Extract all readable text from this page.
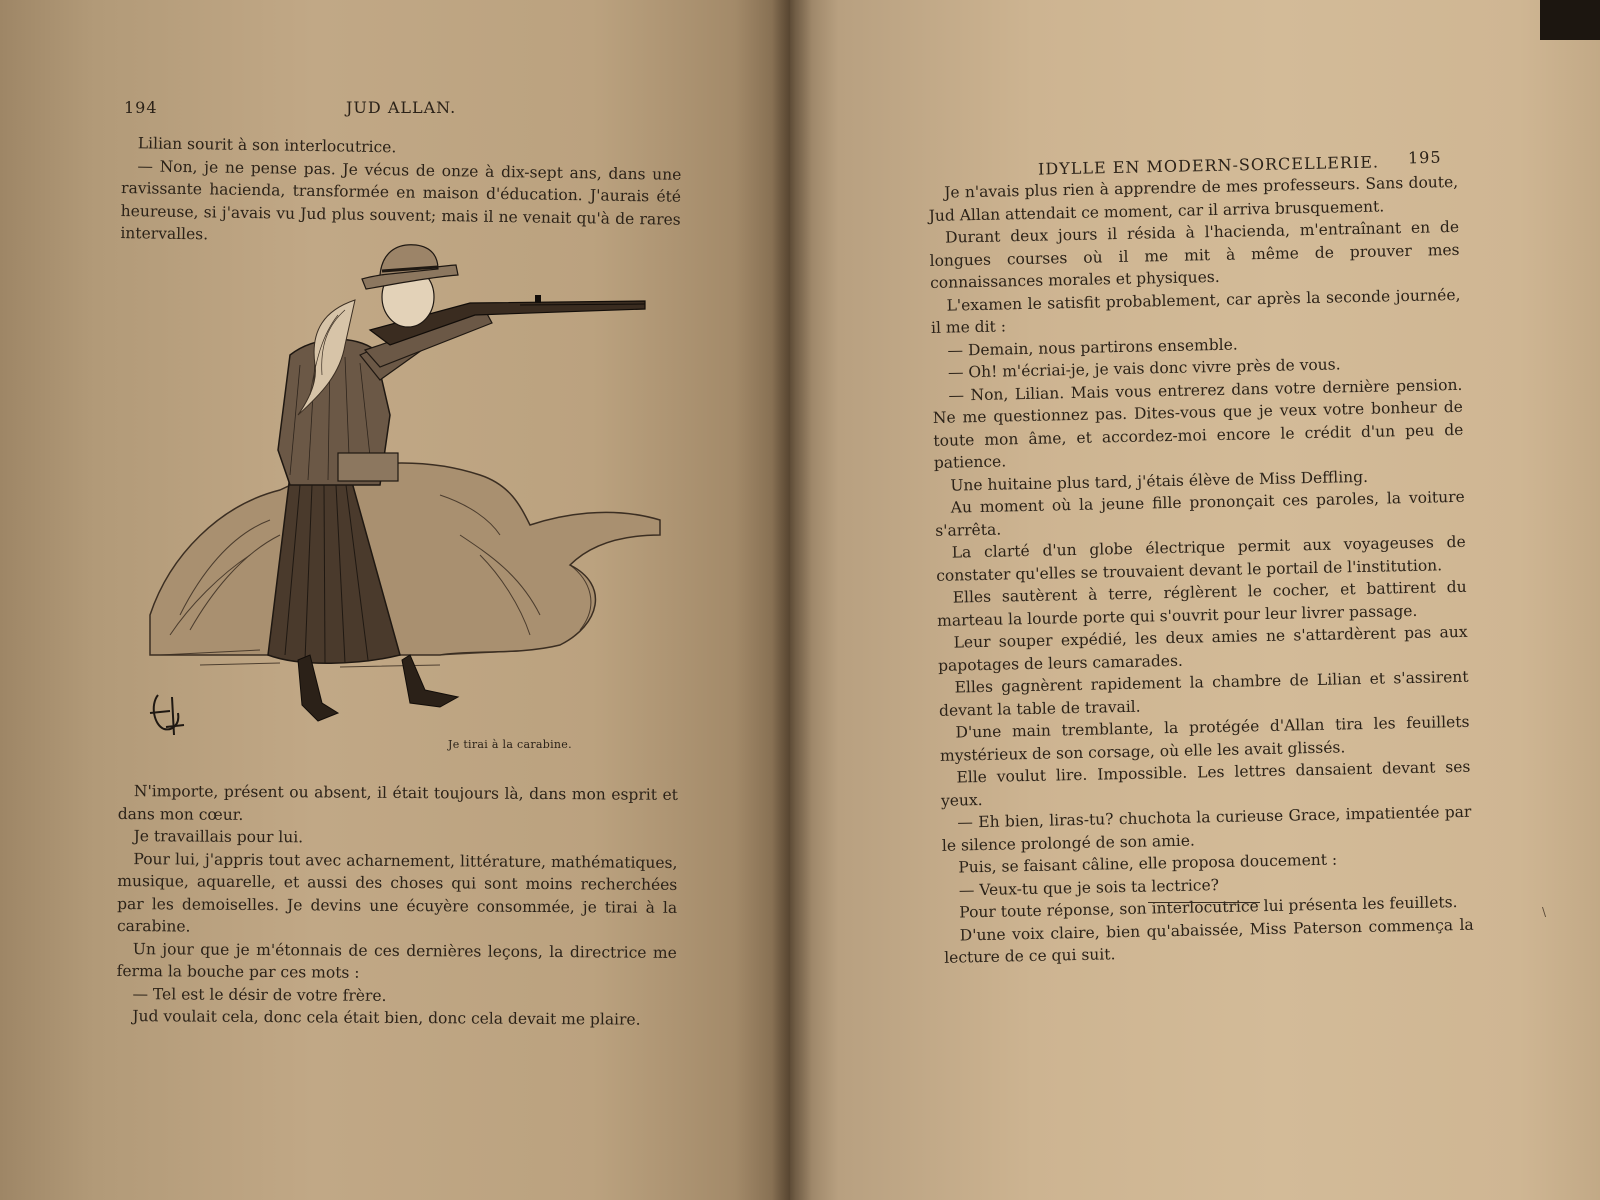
194	JUD ALLAN.

Lilian sourit à son interlocutrice.

— Non, je ne pense pas. Je vécus de onze à dix-sept ans, dans une ravissante hacienda, transformée en maison d'éducation. J'aurais été heureuse, si j'avais vu Jud plus souvent; mais il ne venait qu'à de rares intervalles.

Je tirai à la carabine.

N'importe, présent ou absent, il était toujours là, dans mon esprit et dans mon cœur.

Je travaillais pour lui.

Pour lui, j'appris tout avec acharnement, littérature, mathématiques, musique, aquarelle, et aussi des choses qui sont moins recherchées par les demoiselles. Je devins une écuyère consommée, je tirai à la carabine.

Un jour que je m'étonnais de ces dernières leçons, la directrice me ferma la bouche par ces mots :

— Tel est le désir de votre frère.

Jud voulait cela, donc cela était bien, donc cela devait me plaire.

IDYLLE EN MODERN-SORCELLERIE. 195

Je n'avais plus rien à apprendre de mes professeurs. Sans doute, Jud Allan attendait ce moment, car il arriva brusquement.

Durant deux jours il résida à l'hacienda, m'entraînant en de longues courses où il me mit à même de prouver mes connaissances morales et physiques.

L'examen le satisfit probablement, car après la seconde journée, il me dit :

— Demain, nous partirons ensemble.

— Oh! m'écriai-je, je vais donc vivre près de vous.

— Non, Lilian. Mais vous entrerez dans votre dernière pension. Ne me questionnez pas. Dites-vous que je veux votre bonheur de toute mon âme, et accordez-moi encore le crédit d'un peu de patience.

Une huitaine plus tard, j'étais élève de Miss Deffling.

Au moment où la jeune fille prononçait ces paroles, la voiture s'arrêta.

La clarté d'un globe électrique permit aux voyageuses de constater qu'elles se trouvaient devant le portail de l'institution.

Elles sautèrent à terre, réglèrent le cocher, et battirent du marteau la lourde porte qui s'ouvrit pour leur livrer passage.

Leur souper expédié, les deux amies ne s'attardèrent pas aux papotages de leurs camarades.

Elles gagnèrent rapidement la chambre de Lilian et s'assirent devant la table de travail.

D'une main tremblante, la protégée d'Allan tira les feuillets mystérieux de son corsage, où elle les avait glissés.

Elle voulut lire. Impossible. Les lettres dansaient devant ses yeux.

— Eh bien, liras-tu? chuchota la curieuse Grace, impatientée par le silence prolongé de son amie.

Puis, se faisant câline, elle proposa doucement :

— Veux-tu que je sois ta lectrice?

Pour toute réponse, son interlocutrice lui présenta les feuillets.

D'une voix claire, bien qu'abaissée, Miss Paterson commença la lecture de ce qui suit.

\
